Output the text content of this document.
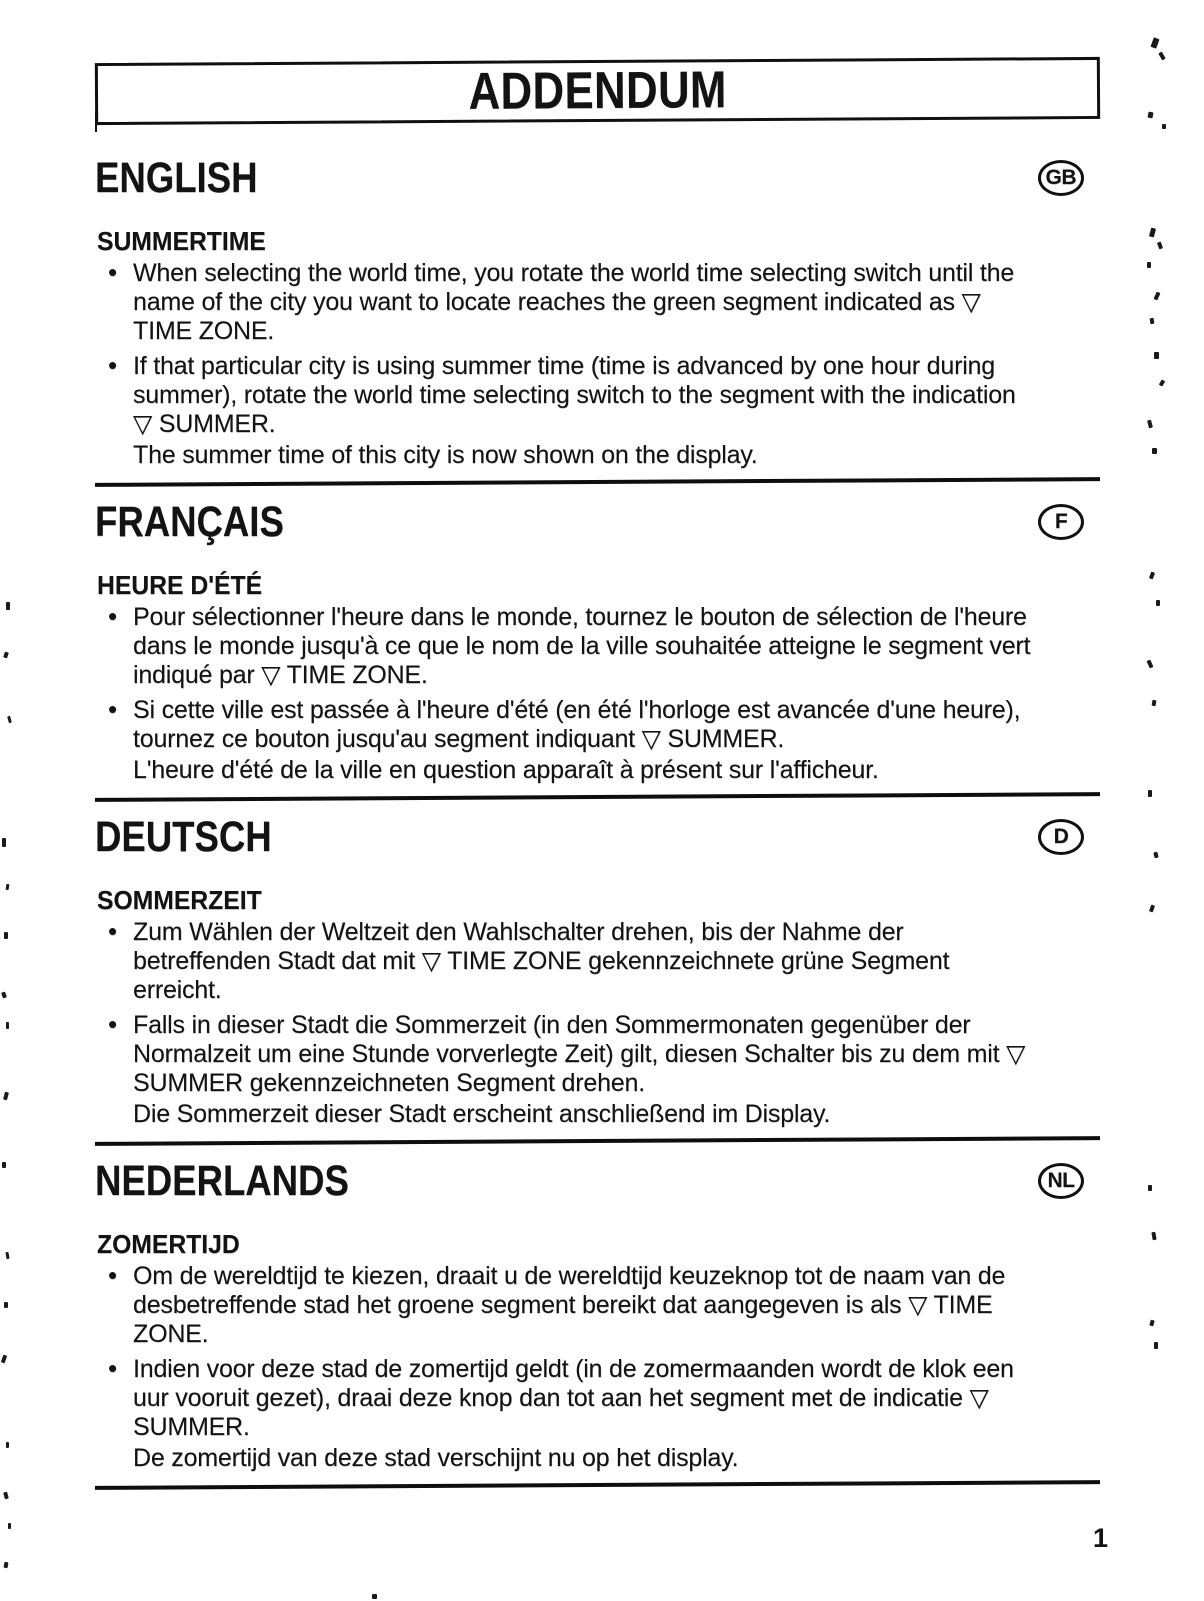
ADDENDUM
ENGLISH	GB
SUMMERTIME
• When selecting the world time, you rotate the world time selecting switch until the name of the city you want to locate reaches the green segment indicated as ▽ TIME ZONE.
• If that particular city is using summer time (time is advanced by one hour during summer), rotate the world time selecting switch to the segment with the indication ▽ SUMMER.
The summer time of this city is now shown on the display.
FRANÇAIS	F
HEURE D'ÉTÉ
• Pour sélectionner l'heure dans le monde, tournez le bouton de sélection de l'heure dans le monde jusqu'à ce que le nom de la ville souhaitée atteigne le segment vert indiqué par ▽ TIME ZONE.
• Si cette ville est passée à l'heure d'été (en été l'horloge est avancée d'une heure), tournez ce bouton jusqu'au segment indiquant ▽ SUMMER.
L'heure d'été de la ville en question apparaît à présent sur l'afficheur.
DEUTSCH	D
SOMMERZEIT
• Zum Wählen der Weltzeit den Wahlschalter drehen, bis der Nahme der betreffenden Stadt dat mit ▽ TIME ZONE gekennzeichnete grüne Segment erreicht.
• Falls in dieser Stadt die Sommerzeit (in den Sommermonaten gegenüber der Normalzeit um eine Stunde vorverlegte Zeit) gilt, diesen Schalter bis zu dem mit ▽ SUMMER gekennzeichneten Segment drehen.
Die Sommerzeit dieser Stadt erscheint anschließend im Display.
NEDERLANDS	NL
ZOMERTIJD
• Om de wereldtijd te kiezen, draait u de wereldtijd keuzeknop tot de naam van de desbetreffende stad het groene segment bereikt dat aangegeven is als ▽ TIME ZONE.
• Indien voor deze stad de zomertijd geldt (in de zomermaanden wordt de klok een uur vooruit gezet), draai deze knop dan tot aan het segment met de indicatie ▽ SUMMER.
De zomertijd van deze stad verschijnt nu op het display.
1
